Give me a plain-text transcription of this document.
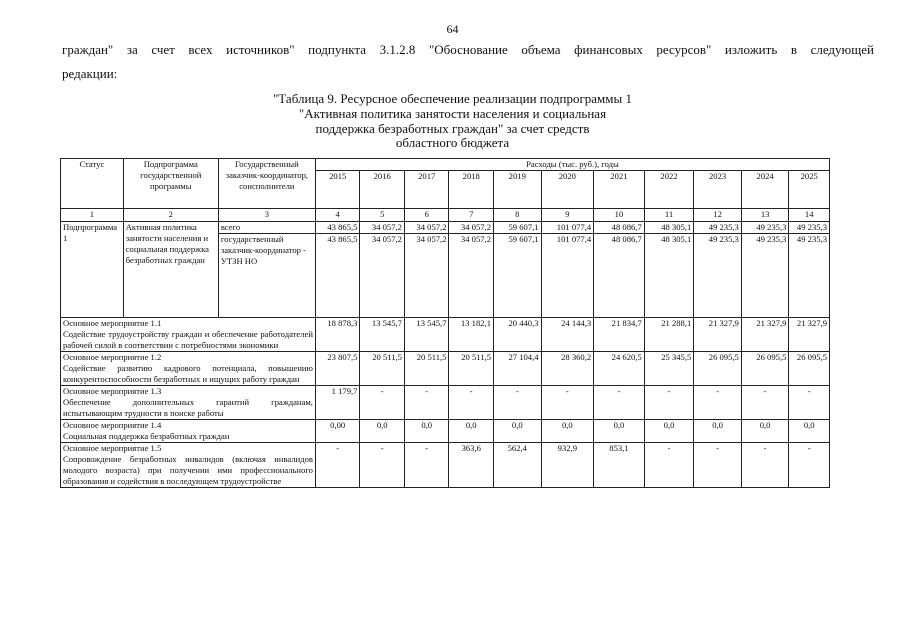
64
граждан" за счет всех источников" подпункта 3.1.2.8 "Обоснование объема финансовых ресурсов" изложить в следующей
редакции:
"Таблица 9. Ресурсное обеспечение реализации подпрограммы 1
"Активная политика занятости населения и социальная
поддержка безработных граждан" за счет средств
областного бюджета
Статус	Подпрограмма государственной программы	Государственный заказчик-координатор, соисполнители	Расходы (тыс. руб.), годы										
			2015	2016	2017	2018	2019	2020	2021	2022	2023	2024	2025
1	2	3	4	5	6	7	8	9	10	11	12	13	14
Подпрограмма 1	Активная политика занятости населения и социальная поддержка безработных граждан	всего	43 865,5	34 057,2	34 057,2	34 057,2	59 607,1	101 077,4	48 086,7	48 305,1	49 235,3	49 235,3	49 235,3
		государственный заказчик-координатор - УТЗН НО	43 865,5	34 057,2	34 057,2	34 057,2	59 607,1	101 077,4	48 086,7	48 305,1	49 235,3	49 235,3	49 235,3

Основное мероприятие 1.1
Содействие трудоустройству граждан и обеспечение работодателей рабочей силой в соответствии с потребностями экономики			18 878,3	13 545,7	13 545,7	13 182,1	20 440,3	24 144,3	21 834,7	21 288,1	21 327,9	21 327,9	21 327,9

Основное мероприятие 1.2
Содействие развитию кадрового потенциала, повышению конкурентоспособности безработных и ищущих работу граждан			23 807,5	20 511,5	20 511,5	20 511,5	27 104,4	28 360,2	24 620,5	25 345,5	26 095,5	26 095,5	26 095,5

Основное мероприятие 1.3
Обеспечение дополнительных гарантий гражданам, испытывающим трудности в поиске работы			1 179,7	-	-	-	-	-	-	-	-	-	-

Основное мероприятие 1.4
Социальная поддержка безработных граждан			0,00	0,0	0,0	0,0	0,0	0,0	0,0	0,0	0,0	0,0	0,0

Основное мероприятие 1.5
Сопровождение безработных инвалидов (включая инвалидов молодого возраста) при получении ими профессионального образования и содействия в последующем трудоустройстве			-	-	-	363,6	562,4	932,9	853,1	-	-	-	-
